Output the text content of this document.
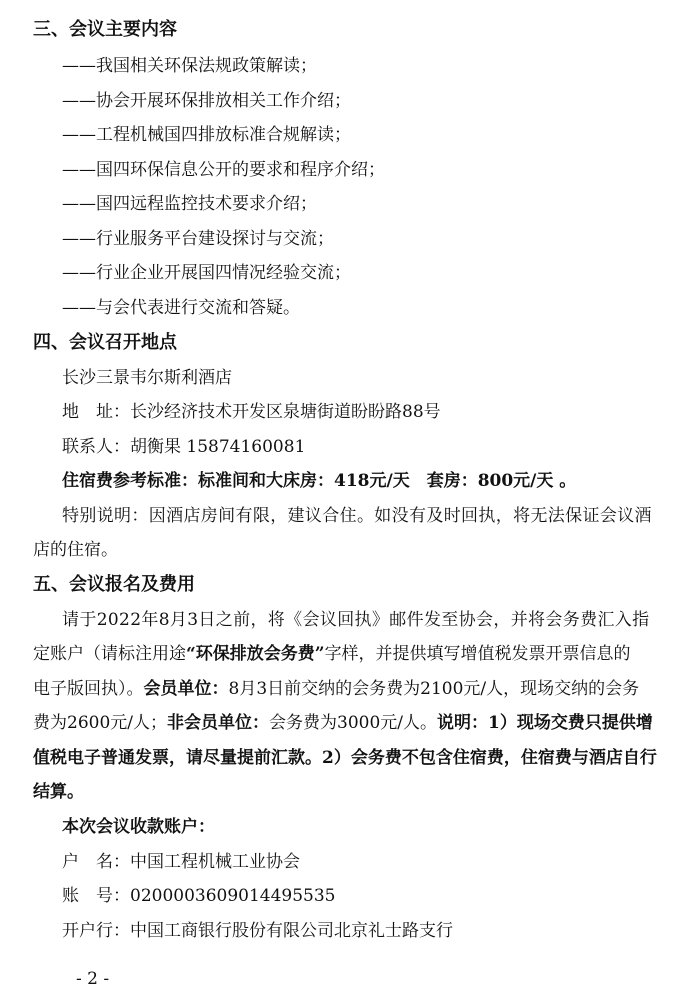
三、会议主要内容
——我国相关环保法规政策解读；
——协会开展环保排放相关工作介绍；
——工程机械国四排放标准合规解读；
——国四环保信息公开的要求和程序介绍；
——国四远程监控技术要求介绍；
——行业服务平台建设探讨与交流；
——行业企业开展国四情况经验交流；
——与会代表进行交流和答疑。
四、会议召开地点
长沙三景韦尔斯利酒店
地　址：长沙经济技术开发区泉塘街道盼盼路88号
联系人：胡衡果 15874160081
住宿费参考标准：标准间和大床房：418元/天　套房：800元/天 。
特别说明：因酒店房间有限，建议合住。如没有及时回执，将无法保证会议酒
店的住宿。
五、会议报名及费用
请于2022年8月3日之前，将《会议回执》邮件发至协会，并将会务费汇入指
定账户（请标注用途“环保排放会务费”字样，并提供填写增值税发票开票信息的
电子版回执）。会员单位：8月3日前交纳的会务费为2100元/人，现场交纳的会务
费为2600元/人；非会员单位：会务费为3000元/人。说明：1）现场交费只提供增
值税电子普通发票，请尽量提前汇款。2）会务费不包含住宿费，住宿费与酒店自行
结算。
本次会议收款账户：
户　名：中国工程机械工业协会
账　号：0200003609014495535
开户行：中国工商银行股份有限公司北京礼士路支行
- 2 -
